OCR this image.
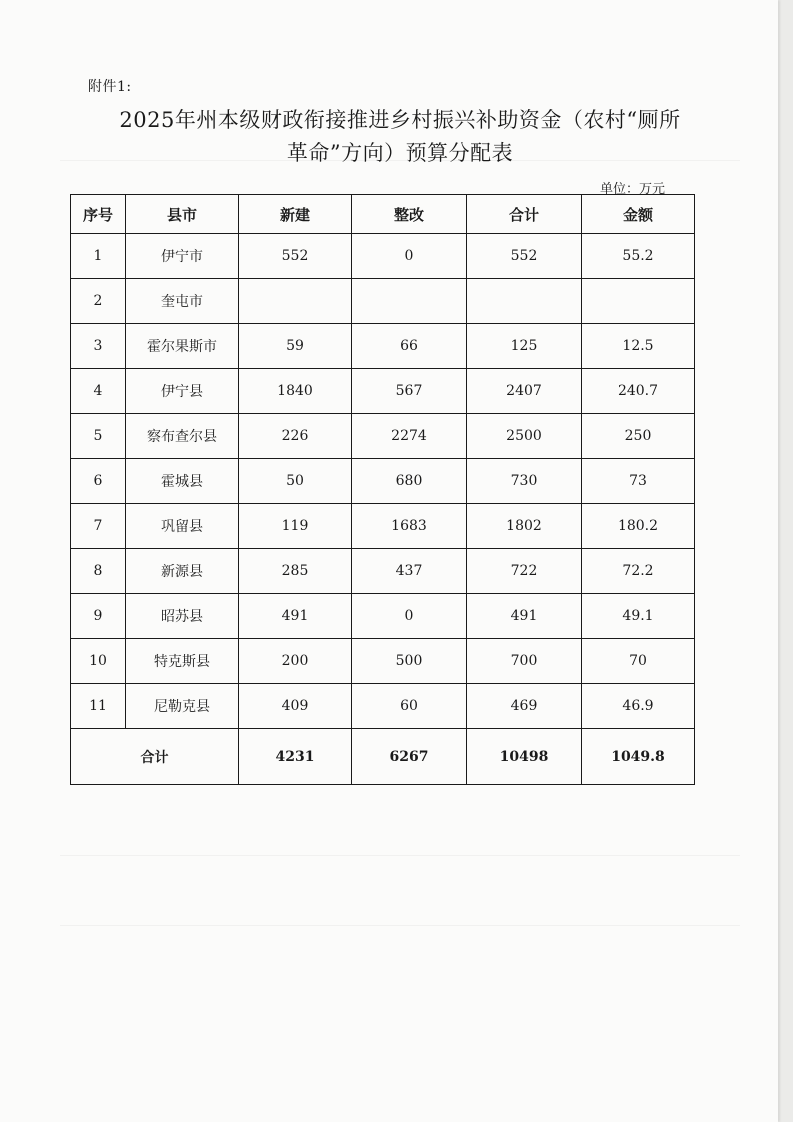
附件1:
2025年州本级财政衔接推进乡村振兴补助资金（农村“厕所
革命”方向）预算分配表
单位：万元
序号	县市	新建	整改	合计	金额
1	伊宁市	552	0	552	55.2
2	奎屯市				
3	霍尔果斯市	59	66	125	12.5
4	伊宁县	1840	567	2407	240.7
5	察布查尔县	226	2274	2500	250
6	霍城县	50	680	730	73
7	巩留县	119	1683	1802	180.2
8	新源县	285	437	722	72.2
9	昭苏县	491	0	491	49.1
10	特克斯县	200	500	700	70
11	尼勒克县	409	60	469	46.9
合计		4231	6267	10498	1049.8
